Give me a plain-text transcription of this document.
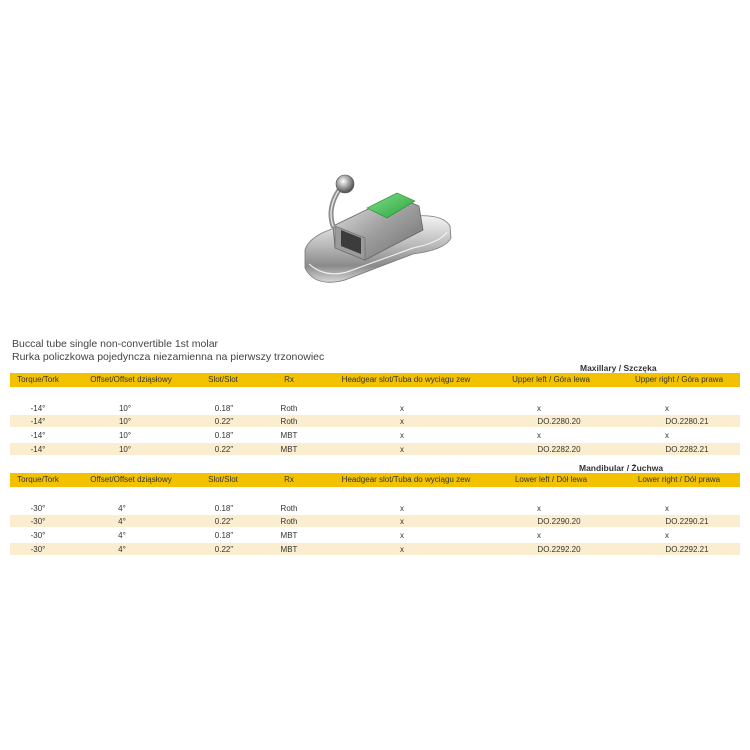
Buccal tube single non-convertible 1st molar
Rurka policzkowa pojedyncza niezamienna na pierwszy trzonowiec
Maxillary / Szczęka
Torque/Tork	Offset/Offset dziąsłowy	Slot/Slot	Rx	Headgear slot/Tuba do wyciągu zew	Upper left / Góra lewa	Upper right / Góra prawa
-14°	10°	0.18"	Roth	x	x	x
-14°	10°	0.22"	Roth	x	DO.2280.20	DO.2280.21
-14°	10°	0.18"	MBT	x	x	x
-14°	10°	0.22"	MBT	x	DO.2282.20	DO.2282.21
Mandibular / Żuchwa
Torque/Tork	Offset/Offset dziąsłowy	Slot/Slot	Rx	Headgear slot/Tuba do wyciągu zew	Lower left / Dół lewa	Lower right / Dół prawa
-30°	4°	0.18"	Roth	x	x	x
-30°	4°	0.22"	Roth	x	DO.2290.20	DO.2290.21
-30°	4°	0.18"	MBT	x	x	x
-30°	4°	0.22"	MBT	x	DO.2292.20	DO.2292.21
